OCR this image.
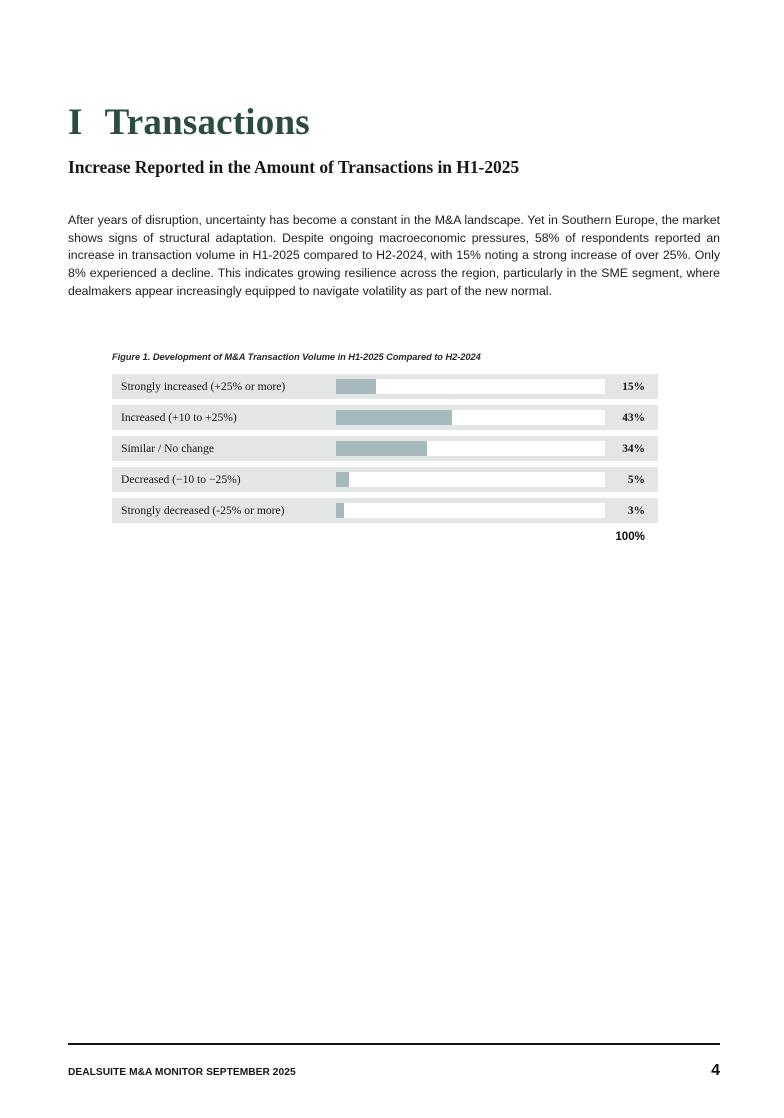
I Transactions
Increase Reported in the Amount of Transactions in H1-2025

After years of disruption, uncertainty has become a constant in the M&A landscape. Yet in Southern Europe, the market shows signs of structural adaptation. Despite ongoing macroeconomic pressures, 58% of respondents reported an increase in transaction volume in H1-2025 compared to H2-2024, with 15% noting a strong increase of over 25%. Only 8% experienced a decline. This indicates growing resilience across the region, particularly in the SME segment, where dealmakers appear increasingly equipped to navigate volatility as part of the new normal.

Figure 1. Development of M&A Transaction Volume in H1-2025 Compared to H2-2024
Strongly increased (+25% or more)	15%
Increased (+10 to +25%)	43%
Similar / No change	34%
Decreased (−10 to −25%)	5%
Strongly decreased (-25% or more)	3%
100%
DEALSUITE M&A MONITOR SEPTEMBER 2025	4
